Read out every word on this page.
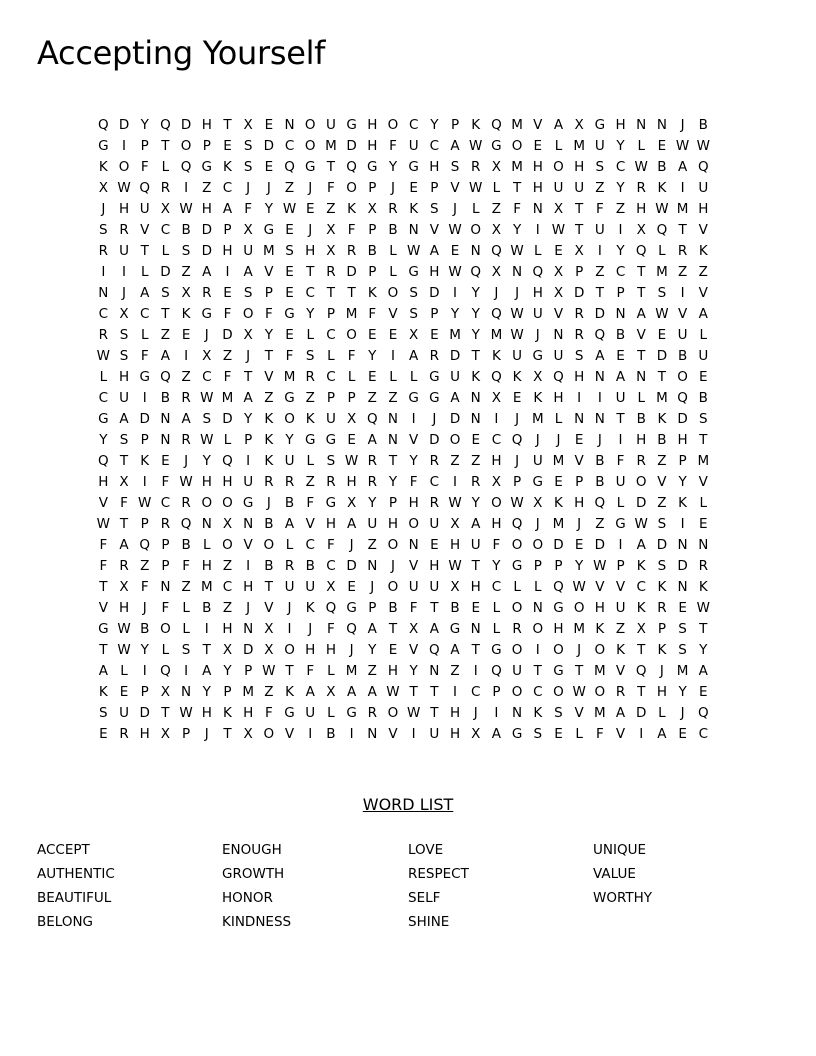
Accepting Yourself
Q D Y Q D H T X E N O U G H O C Y P K Q M V A X G H N N	J	B
G I	P T O P E S D C O M D H F U C A W G O E L M U Y L E W W
K O F L Q G K S E Q G T Q G Y G H S R X M H O H S C W B A Q
X W Q R	I	Z C	J	J	Z	J	F O P	J	E P V W L T H U U Z Y R K	I	U
J	H U X W H A F Y W E Z K X R K S	J	L Z F N X T F Z H W M H
S R V C B D P X G E	J	X F P B N V W O X Y	I W T U	I	X Q T V
R U T L S D H U M S H X R B L W A E N Q W L E X	I	Y Q L R K
I	I	L D Z A	I	A V E T R D P L G H W Q X N Q X P Z C T M Z Z
N	J	A S X R E S P E C T T K O S D I	Y	J	J	H X D T P T S	I	V
C X C T K G F O F G Y P M F V S P Y Y Q W U V R D N A W V A
R S L Z E	J	D X Y E L C O E E X E M Y M W J	N R Q B V E U L
W S F A	I	X Z	J	T F S L F Y	I	A R D T K U G U S A E T D B U
L H G Q Z C F T V M R C L E L L G U K Q K X Q H N A N T O E
C U	I	B R W M A Z G Z P P Z Z G G A N X E K H	I	I	U L M Q B
G A D N A S D Y K O K U X Q N	I	J	D N	I	J M L N N T B K D S
Y S P N R W L P K Y G G E A N V D O E C Q J	J	E	J	I	H B H T
Q T K E	J	Y Q I	K U L S W R T Y R Z Z H	J	U M V B F R Z P M
H X	I	F W H H U R R Z R H R Y F C	I	R X P G E P B U O V Y V
V F W C R O O G J	B F G X Y P H R W Y O W X K H Q L D Z K L
W T P R Q N X N B A V H A U H O U X A H Q J M J	Z G W S	I	E
F A Q P B L O V O L C F	J	Z O N E H U F O O D E D I	A D N N
F R Z P F H Z	I	B R B C D N	J	V H W T Y G P P Y W P K S D R
T X F N Z M C H T U U X E	J O U U X H C L L Q W V V C K N K
V H	J	F L B Z	J	V	J	K Q G P B F T B E L O N G O H U K R E W
G W B O L	I	H N X	I	J	F Q A T X A G N L R O H M K Z X P S T
T W Y L S T X D X O H H	J	Y E V Q A T G O I O J O K T K S Y
A L	I Q I	A Y P W T F L M Z H Y N Z	I Q U T G T M V Q J M A
K E P X N Y P M Z K A X A A W T T	I	C P O C O W O R T H Y E
S U D T W H K H F G U L G R O W T H	J	I	N K S V M A D L	J Q
E R H X P	J	T X O V	I	B	I	N V	I	U H X A G S E L F V	I	A E C
WORD LIST
ACCEPT
AUTHENTIC
BEAUTIFUL
BELONG
ENOUGH
GROWTH
HONOR
KINDNESS
LOVE
RESPECT
SELF
SHINE
UNIQUE
VALUE
WORTHY
